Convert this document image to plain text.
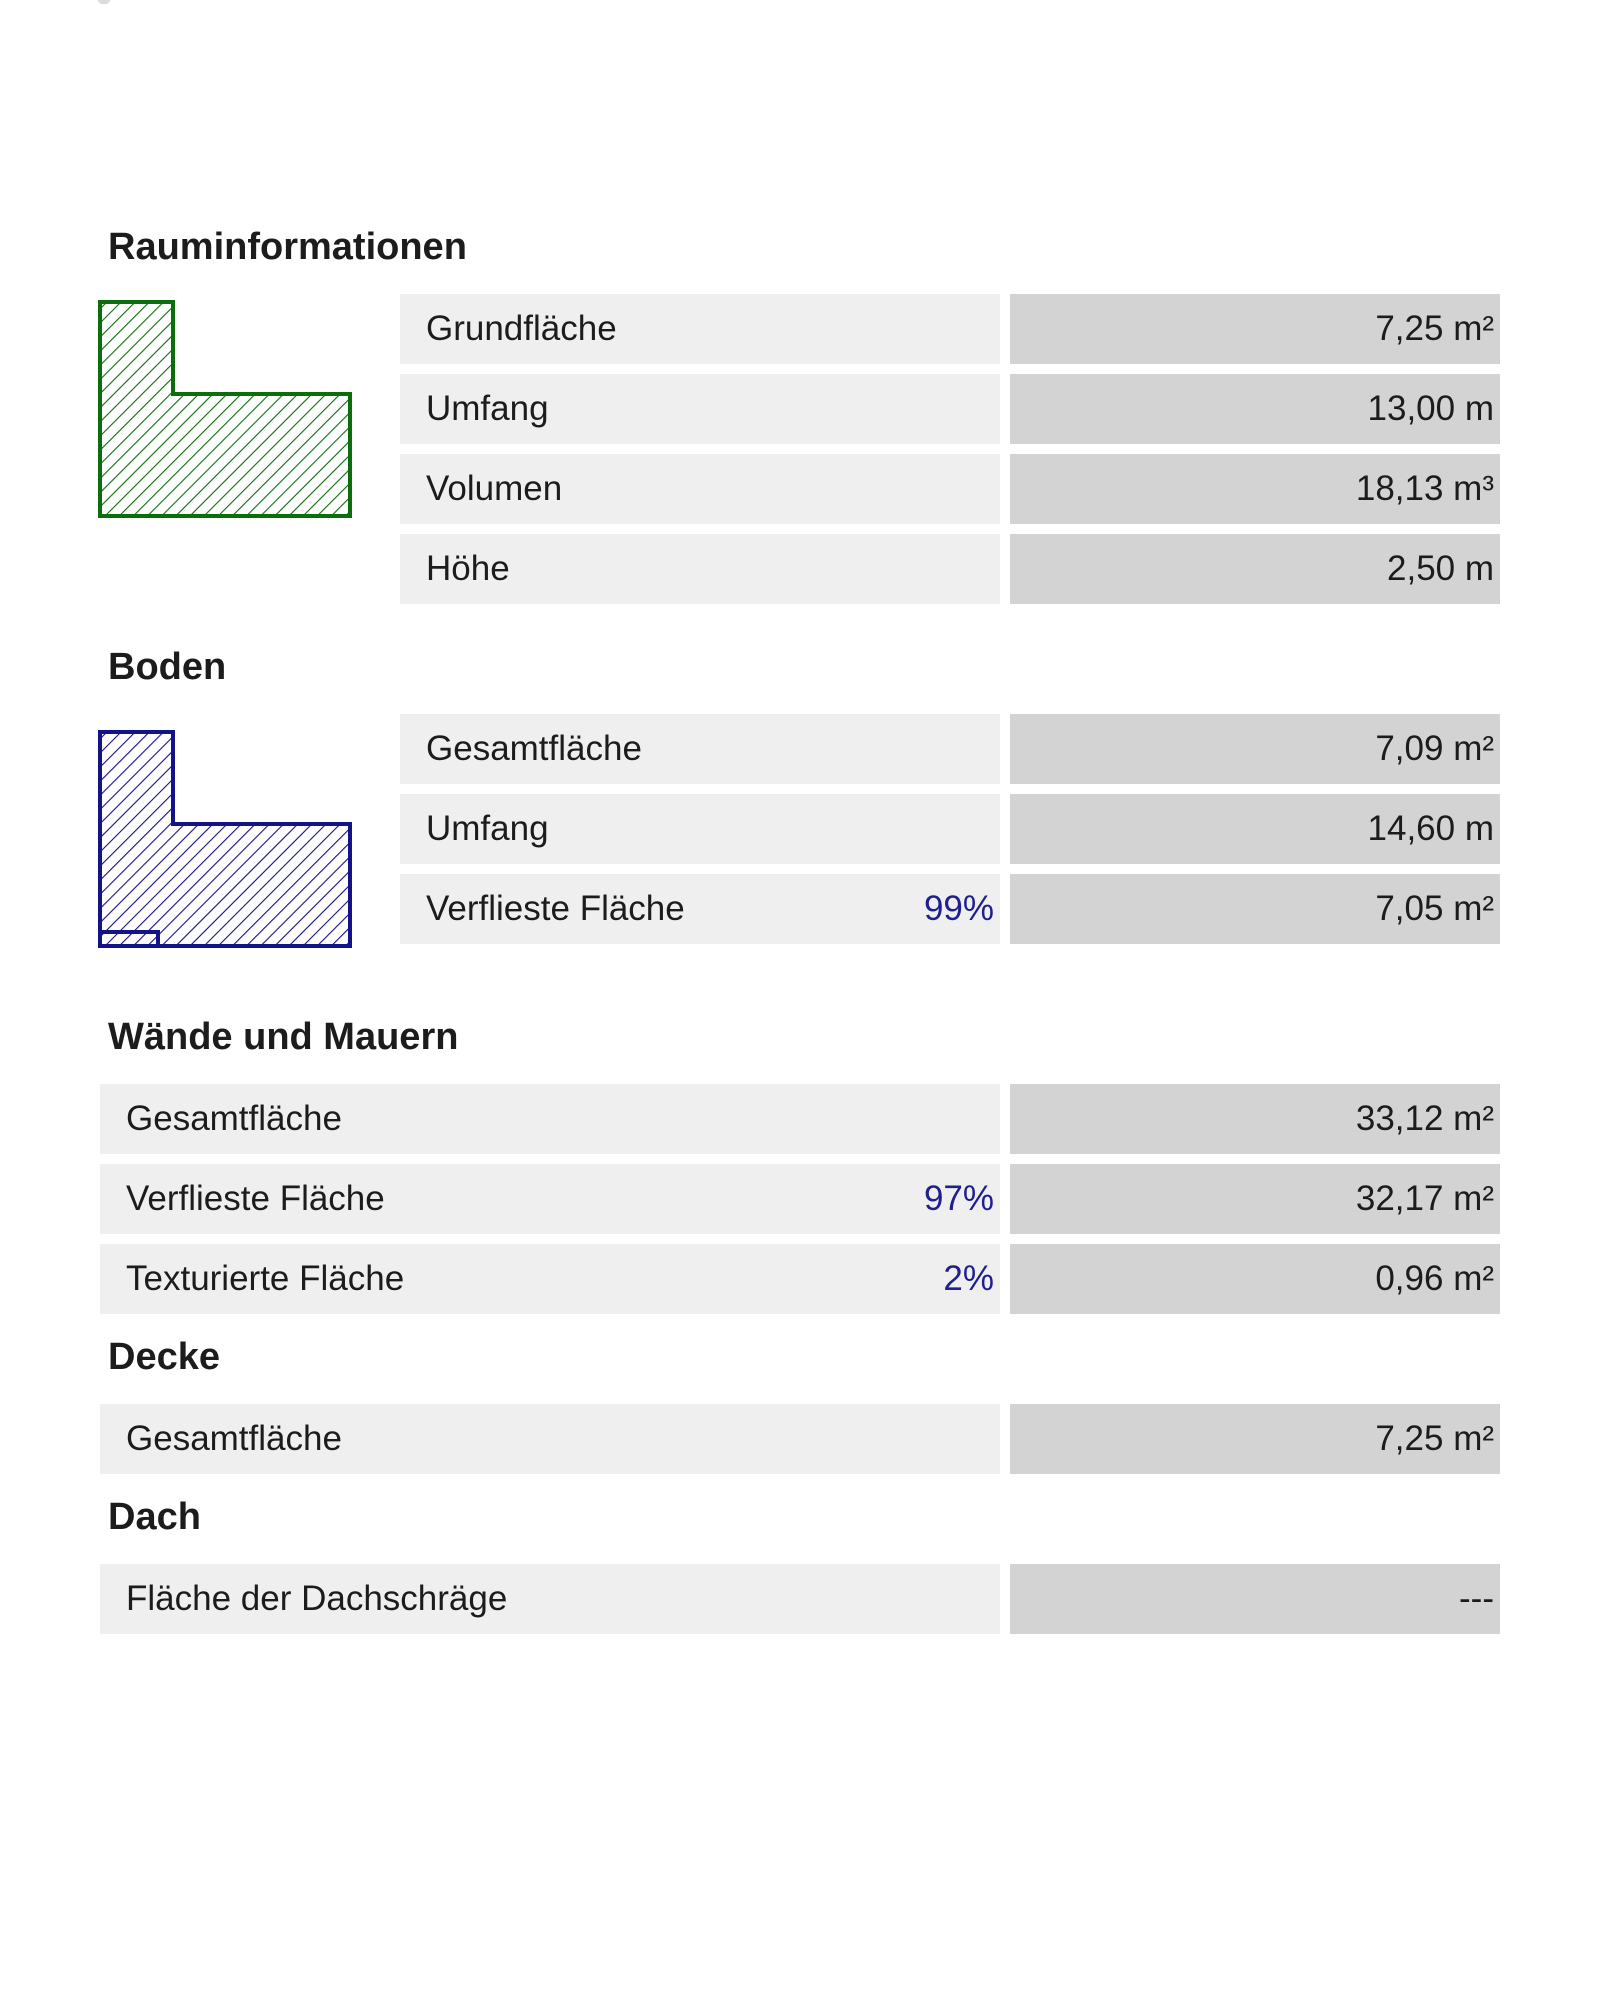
Rauminformationen
Grundfläche	7,25 m²
Umfang	13,00 m
Volumen	18,13 m³
Höhe	2,50 m
Boden
Gesamtfläche	7,09 m²
Umfang	14,60 m
Verflieste Fläche	99%	7,05 m²
Wände und Mauern
Gesamtfläche	33,12 m²
Verflieste Fläche	97%	32,17 m²
Texturierte Fläche	2%	0,96 m²
Decke
Gesamtfläche	7,25 m²
Dach
Fläche der Dachschräge	---
